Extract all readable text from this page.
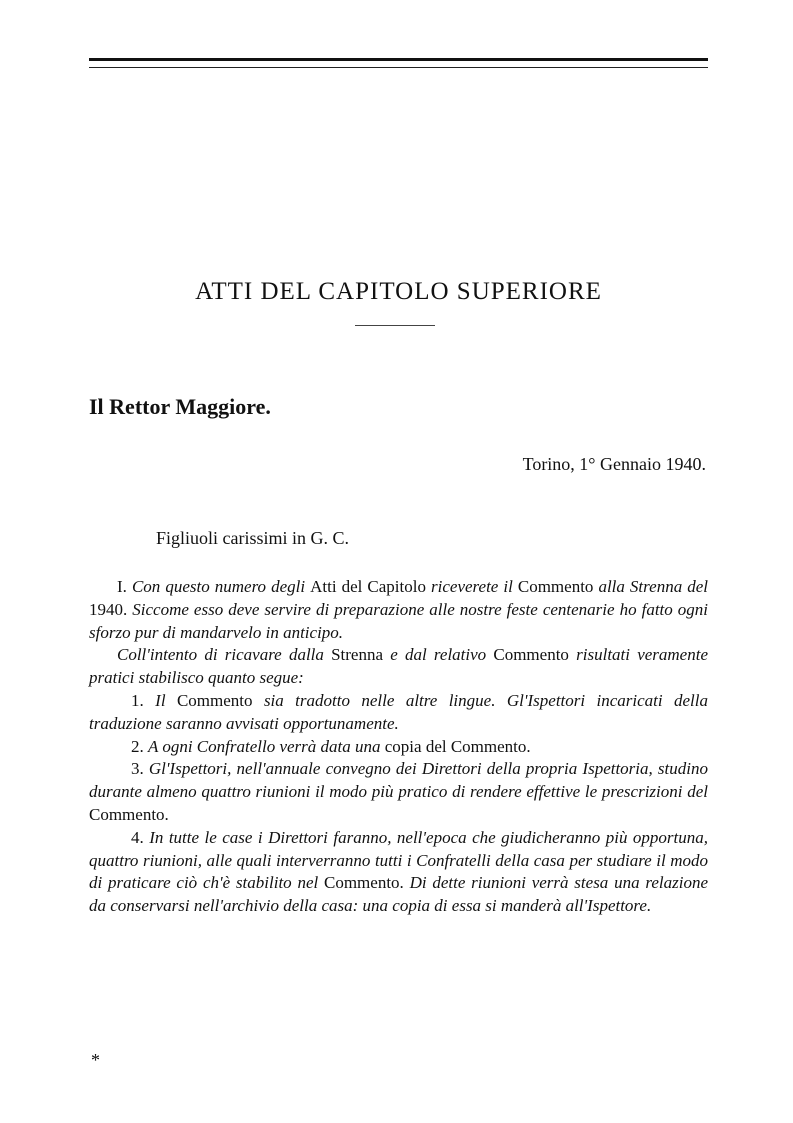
ATTI DEL CAPITOLO SUPERIORE
Il Rettor Maggiore.
Torino, 1° Gennaio 1940.
Figliuoli carissimi in G. C.

I. Con questo numero degli Atti del Capitolo riceverete il Commento alla Strenna del 1940. Siccome esso deve servire di preparazione alle nostre feste centenarie ho fatto ogni sforzo pur di mandarvelo in anticipo.

Coll'intento di ricavare dalla Strenna e dal relativo Commento risultati veramente pratici stabilisco quanto segue:

1. Il Commento sia tradotto nelle altre lingue. Gl'Ispettori incaricati della traduzione saranno avvisati opportunamente.

2. A ogni Confratello verrà data una copia del Commento.

3. Gl'Ispettori, nell'annuale convegno dei Direttori della propria Ispettoria, studino durante almeno quattro riunioni il modo più pratico di rendere effettive le prescrizioni del Commento.

4. In tutte le case i Direttori faranno, nell'epoca che giudicheranno più opportuna, quattro riunioni, alle quali interverranno tutti i Confratelli della casa per studiare il modo di praticare ciò ch'è stabilito nel Commento. Di dette riunioni verrà stesa una relazione da conservarsi nell'archivio della casa: una copia di essa si manderà all'Ispettore.

*
